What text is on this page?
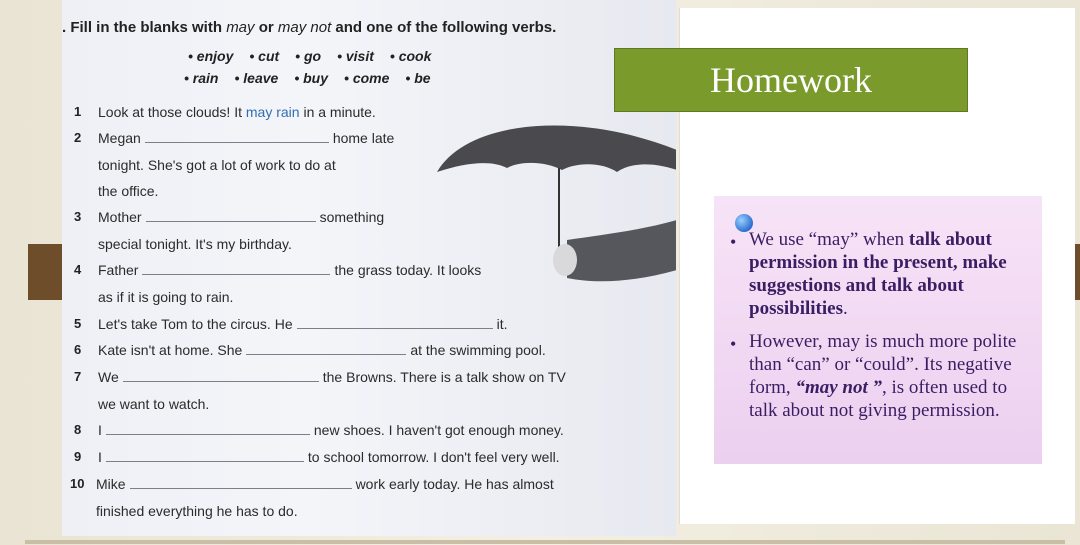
. Fill in the blanks with may or may not and one of the following verbs.
• enjoy • cut • go • visit • cook
• rain • leave • buy • come • be
1 Look at those clouds! It may rain in a minute.
2 Megan	home late
tonight. She's got a lot of work to do at
the office.
3 Mother	something
special tonight. It's my birthday.
4 Father	the grass today. It looks
as if it is going to rain.
5 Let's take Tom to the circus. He	it.
6 Kate isn't at home. She	at the swimming pool.
7 We	the Browns. There is a talk show on TV
we want to watch.
8 I	new shoes. I haven't got enough money.
9 I	to school tomorrow. I don't feel very well.
10 Mike	work early today. He has almost
finished everything he has to do.
Homework
• We use “may” when talk about permission in the present, make suggestions and talk about possibilities.

• However, may is much more polite than “can” or “could”. Its negative form, “may not ”, is often used to talk about not giving permission.
